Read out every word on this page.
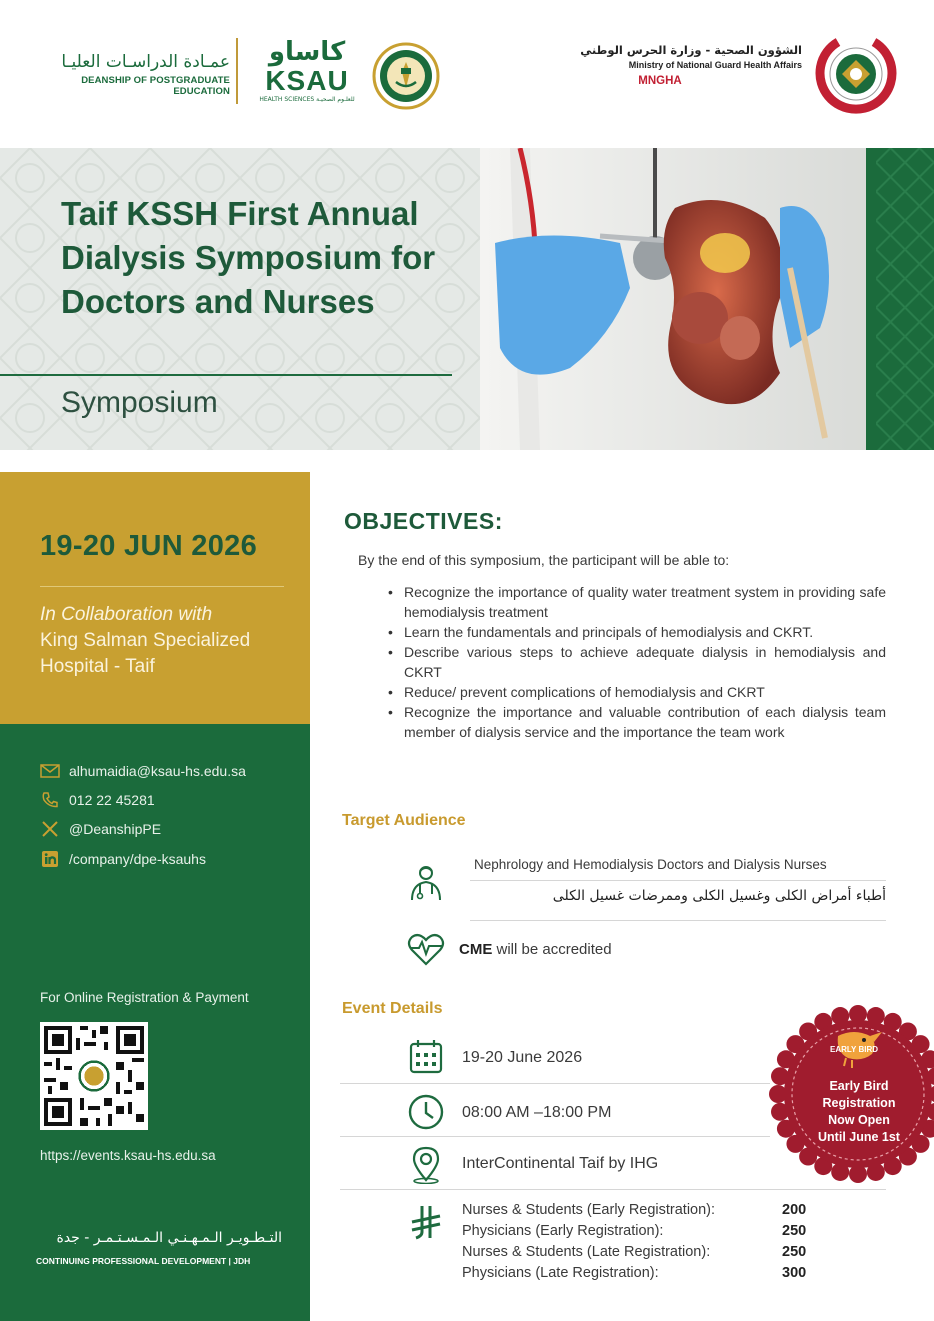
عمـادة الدراسـات العليـا
DEANSHIP OF POSTGRADUATE EDUCATION
كاساو
KSAU
HEALTH SCIENCES للعلـوم الصحيـة
الشؤون الصحية - وزارة الحرس الوطني
Ministry of National Guard Health Affairs
MNGHA
Taif KSSH First Annual Dialysis Symposium for Doctors and Nurses
Symposium
19-20 JUN 2026
In Collaboration with
King Salman Specialized Hospital - Taif
alhumaidia@ksau-hs.edu.sa
012 22 45281
@DeanshipPE
/company/dpe-ksauhs
For Online Registration & Payment
https://events.ksau-hs.edu.sa
التـطـويـر الـمـهـنـي الـمـسـتـمـر - جدة
CONTINUING PROFESSIONAL DEVELOPMENT | JDH
OBJECTIVES:
By the end of this symposium, the participant will be able to:
• Recognize the importance of quality water treatment system in providing safe hemodialysis treatment
• Learn the fundamentals and principals of hemodialysis and CKRT.
• Describe various steps to achieve adequate dialysis in hemodialysis and CKRT
• Reduce/ prevent complications of hemodialysis and CKRT
• Recognize the importance and valuable contribution of each dialysis team member of dialysis service and the importance the team work
Target Audience
Nephrology and Hemodialysis Doctors and Dialysis Nurses
أطباء أمراض الكلى وغسيل الكلى وممرضات غسيل الكلى
CME will be accredited
Event Details
19-20 June 2026
08:00 AM –18:00 PM
InterContinental Taif by IHG
Nurses & Students (Early Registration):	200
Physicians (Early Registration):	250
Nurses & Students (Late Registration):	250
Physicians (Late Registration):	300
EARLY BIRD
Early Bird
Registration
Now Open
Until June 1st
